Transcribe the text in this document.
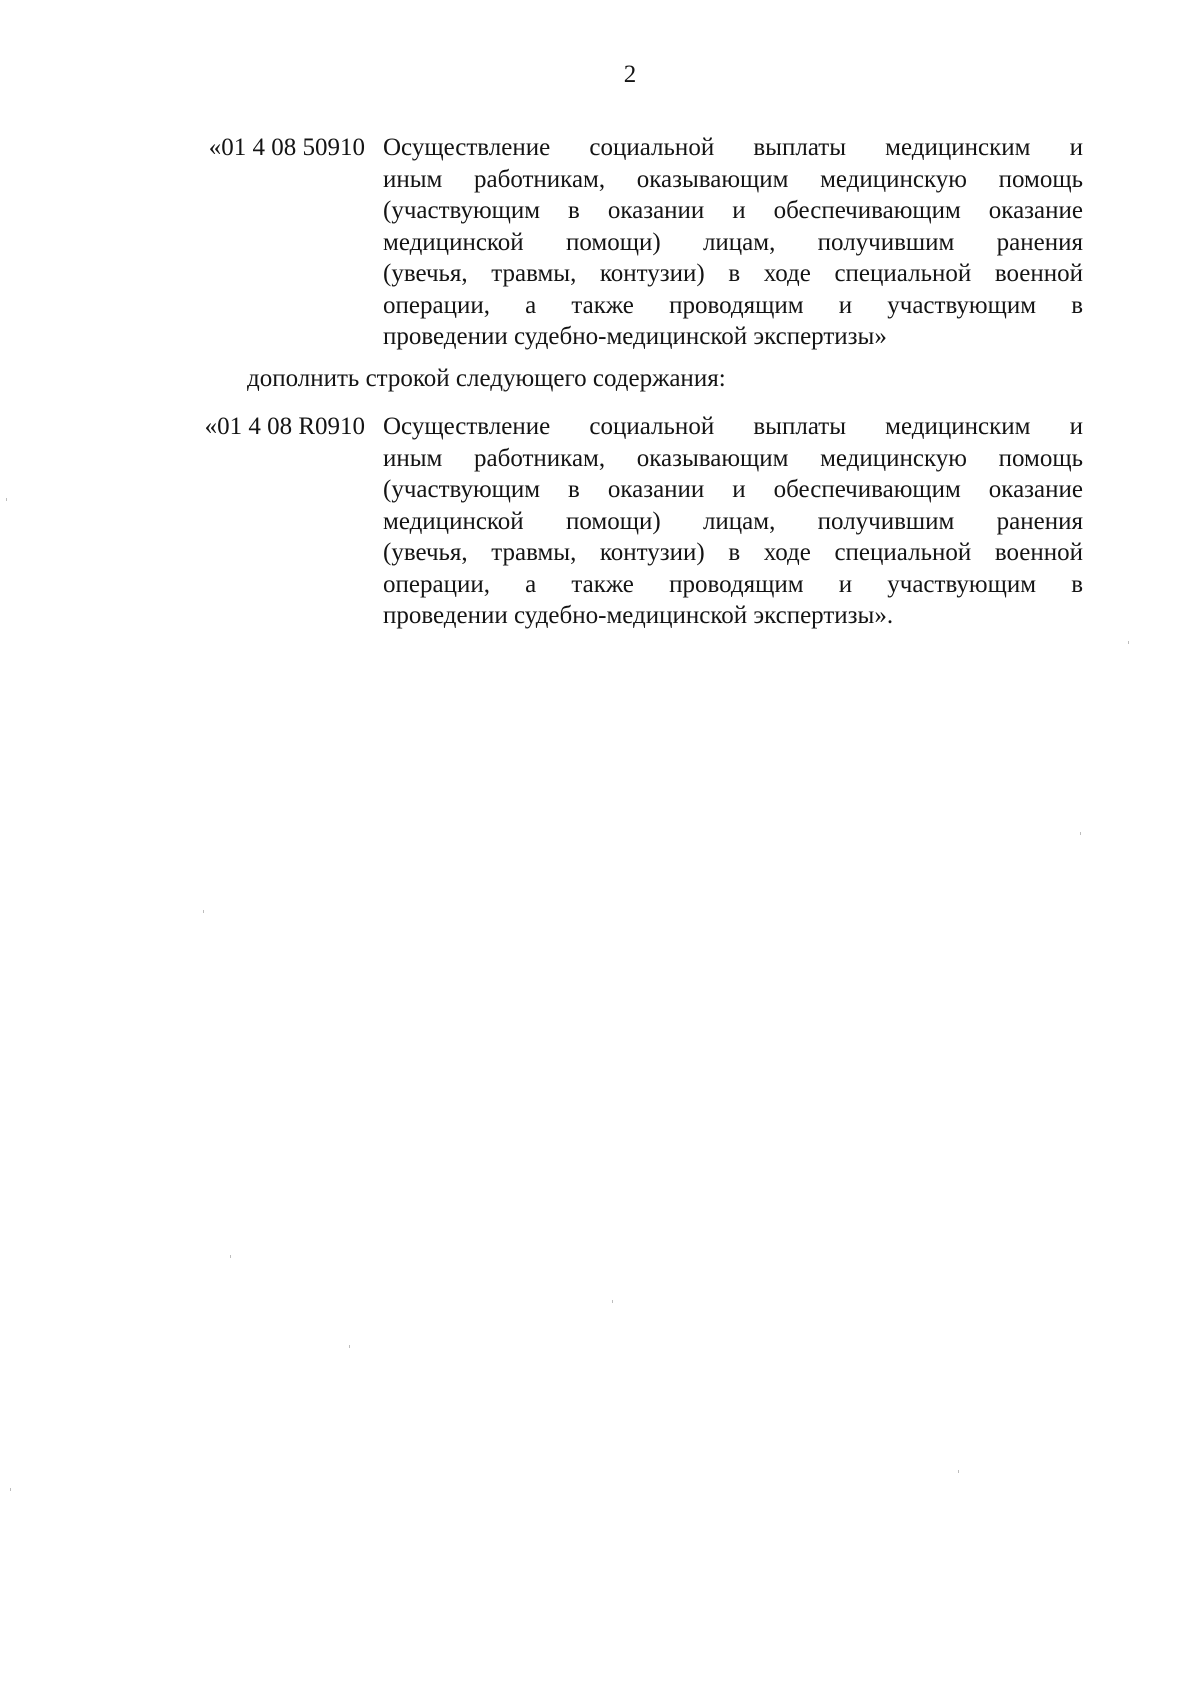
2
«01 4 08 50910 Осуществление социальной выплаты медицинским и
иным работникам, оказывающим медицинскую помощь
(участвующим в оказании и обеспечивающим оказание
медицинской помощи) лицам, получившим ранения
(увечья, травмы, контузии) в ходе специальной военной
операции, а также проводящим и участвующим в
проведении судебно-медицинской экспертизы»
дополнить строкой следующего содержания:
«01 4 08 R0910 Осуществление социальной выплаты медицинским и
иным работникам, оказывающим медицинскую помощь
(участвующим в оказании и обеспечивающим оказание
медицинской помощи) лицам, получившим ранения
(увечья, травмы, контузии) в ходе специальной военной
операции, а также проводящим и участвующим в
проведении судебно-медицинской экспертизы».
